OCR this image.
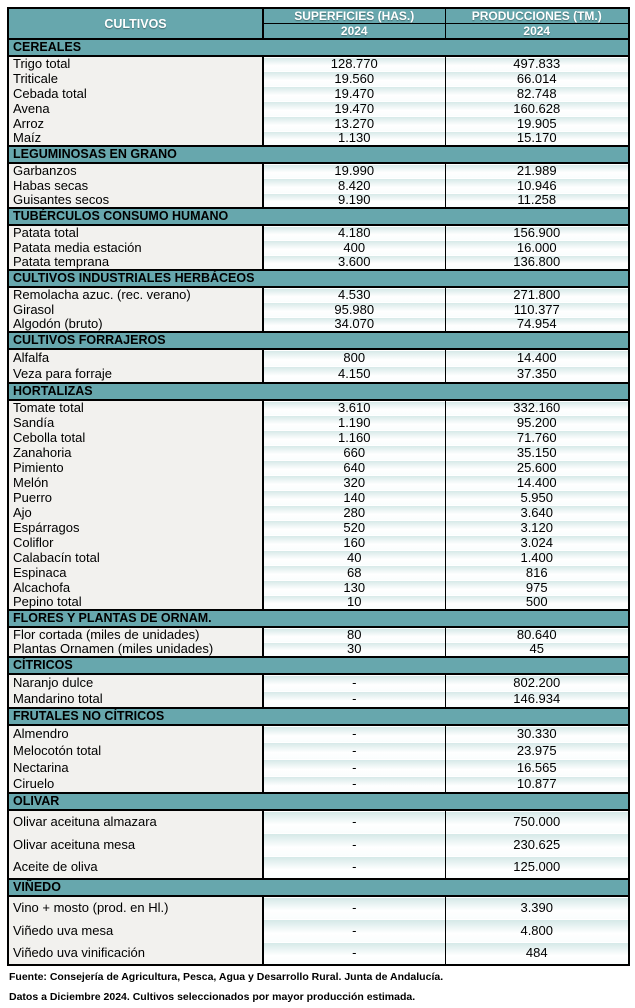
CULTIVOS	SUPERFICIES (HAS.)	PRODUCCIONES (TM.)
	2024	2024
CEREALES		
Trigo total	128.770	497.833
Triticale	19.560	66.014
Cebada total	19.470	82.748
Avena	19.470	160.628
Arroz	13.270	19.905
Maíz	1.130	15.170
LEGUMINOSAS EN GRANO		
Garbanzos	19.990	21.989
Habas secas	8.420	10.946
Guisantes secos	9.190	11.258
TUBÉRCULOS CONSUMO HUMANO		
Patata total	4.180	156.900
Patata media estación	400	16.000
Patata temprana	3.600	136.800
CULTIVOS INDUSTRIALES HERBÁCEOS		
Remolacha azuc. (rec. verano)	4.530	271.800
Girasol	95.980	110.377
Algodón (bruto)	34.070	74.954
CULTIVOS FORRAJEROS		
Alfalfa	800	14.400
Veza para forraje	4.150	37.350
HORTALIZAS		
Tomate total	3.610	332.160
Sandía	1.190	95.200
Cebolla total	1.160	71.760
Zanahoria	660	35.150
Pimiento	640	25.600
Melón	320	14.400
Puerro	140	5.950
Ajo	280	3.640
Espárragos	520	3.120
Coliflor	160	3.024
Calabacín total	40	1.400
Espinaca	68	816
Alcachofa	130	975
Pepino total	10	500
FLORES Y PLANTAS DE ORNAM.		
Flor cortada (miles de unidades)	80	80.640
Plantas Ornamen (miles unidades)	30	45
CÍTRICOS		
Naranjo dulce	-	802.200
Mandarino total	-	146.934
FRUTALES NO CÍTRICOS		
Almendro	-	30.330
Melocotón total	-	23.975
Nectarina	-	16.565
Ciruelo	-	10.877
OLIVAR		
Olivar aceituna almazara	-	750.000
Olivar aceituna mesa	-	230.625
Aceite de oliva	-	125.000
VIÑEDO		
Vino + mosto (prod. en Hl.)	-	3.390
Viñedo uva mesa	-	4.800
Viñedo uva vinificación	-	484
Fuente: Consejería de Agricultura, Pesca, Agua y Desarrollo Rural. Junta de Andalucía.
Datos a Diciembre 2024. Cultivos seleccionados por mayor producción estimada.
